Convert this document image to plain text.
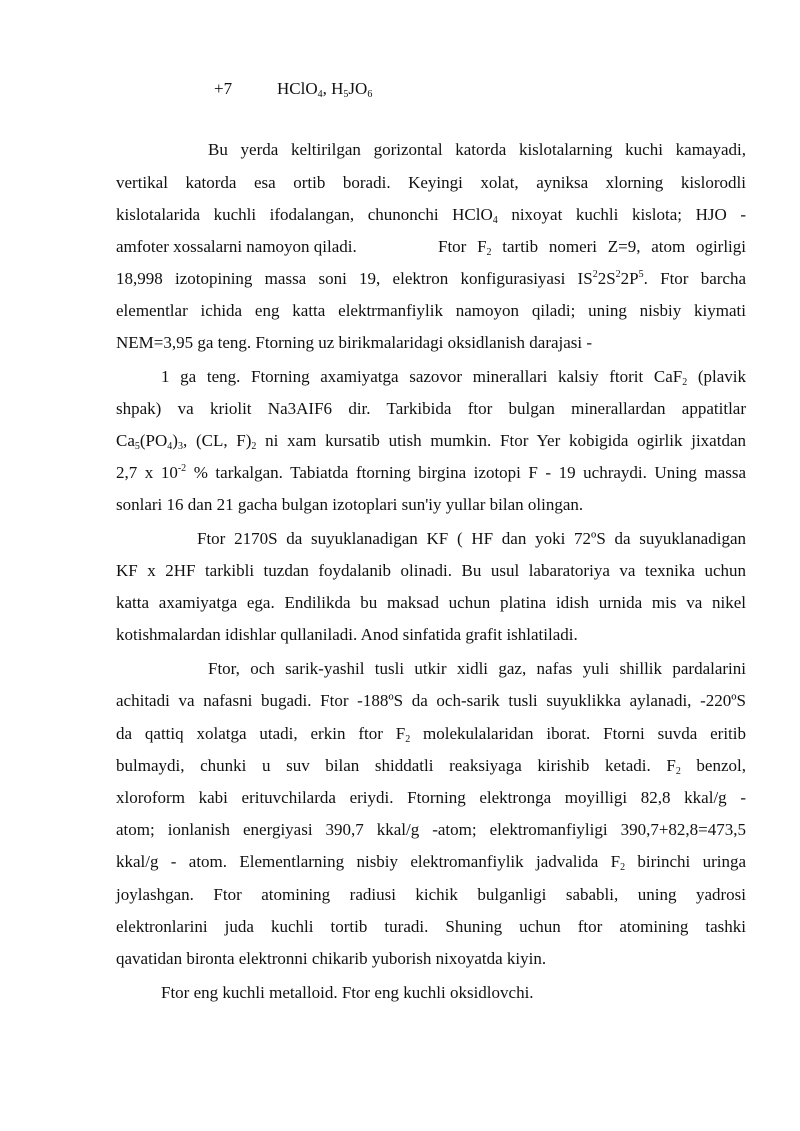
+7	HClO$_4$, $H_5JO_6$
Bu yerda keltirilgan gorizontal katorda kislotalarning kuchi kamayadi,
vertikal katorda esa ortib boradi. Keyingi xolat, ayniksa xlorning kislorodli
kislotalarida kuchli ifodalangan, chunonchi HClO$_4$ nixoyat kuchli kislota; HJO -
amfoter xossalarni namoyon qiladi.	Ftor $F_2$ tartib nomeri Z=9, atom ogirligi
18,998 izotopining massa soni 19, elektron konfigurasiyasi $IS^22S^22P^5$. Ftor barcha
elementlar ichida eng katta elektrmanfiylik namoyon qiladi; uning nisbiy kiymati
NEM=3,95 ga teng. Ftorning uz birikmalaridagi oksidlanish darajasi -
1 ga teng. Ftorning axamiyatga sazovor minerallari kalsiy ftorit CaF$_2$ (plavik
shpak) va kriolit Na3AIF6 dir. Tarkibida ftor bulgan minerallardan appatitlar
$Ca_5(PO_4)_3$, (CL, $F)_2$ ni xam kursatib utish mumkin. Ftor Yer kobigida ogirlik jixatdan
2,7 x $10^{-2}$ % tarkalgan. Tabiatda ftorning birgina izotopi F - 19 uchraydi. Uning massa
sonlari 16 dan 21 gacha bulgan izotoplari sun'iy yullar bilan olingan.
Ftor 2170S da suyuklanadigan KF ( HF dan yoki 72ºS da suyuklanadigan
KF x 2HF tarkibli tuzdan foydalanib olinadi. Bu usul labaratoriya va texnika uchun
katta axamiyatga ega. Endilikda bu maksad uchun platina idish urnida mis va nikel
kotishmalardan idishlar qullaniladi. Anod sinfatida grafit ishlatiladi.
Ftor, och sarik-yashil tusli utkir xidli gaz, nafas yuli shillik pardalarini
achitadi va nafasni bugadi. Ftor -188ºS da och-sarik tusli suyuklikka aylanadi, -220ºS
da qattiq xolatga utadi, erkin ftor $F_2$ molekulalaridan iborat. Ftorni suvda eritib
bulmaydi, chunki u suv bilan shiddatli reaksiyaga kirishib ketadi. $F_2$ benzol,
xloroform kabi erituvchilarda eriydi. Ftorning elektronga moyilligi 82,8 kkal/g -
atom; ionlanish energiyasi 390,7 kkal/g -atom; elektromanfiyligi 390,7+82,8=473,5
kkal/g - atom. Elementlarning nisbiy elektromanfiylik jadvalida $F_2$ birinchi uringa
joylashgan. Ftor atomining radiusi kichik bulganligi sababli, uning yadrosi
elektronlarini juda kuchli tortib turadi. Shuning uchun ftor atomining tashki
qavatidan bironta elektronni chikarib yuborish nixoyatda kiyin.
Ftor eng kuchli metalloid. Ftor eng kuchli oksidlovchi.
